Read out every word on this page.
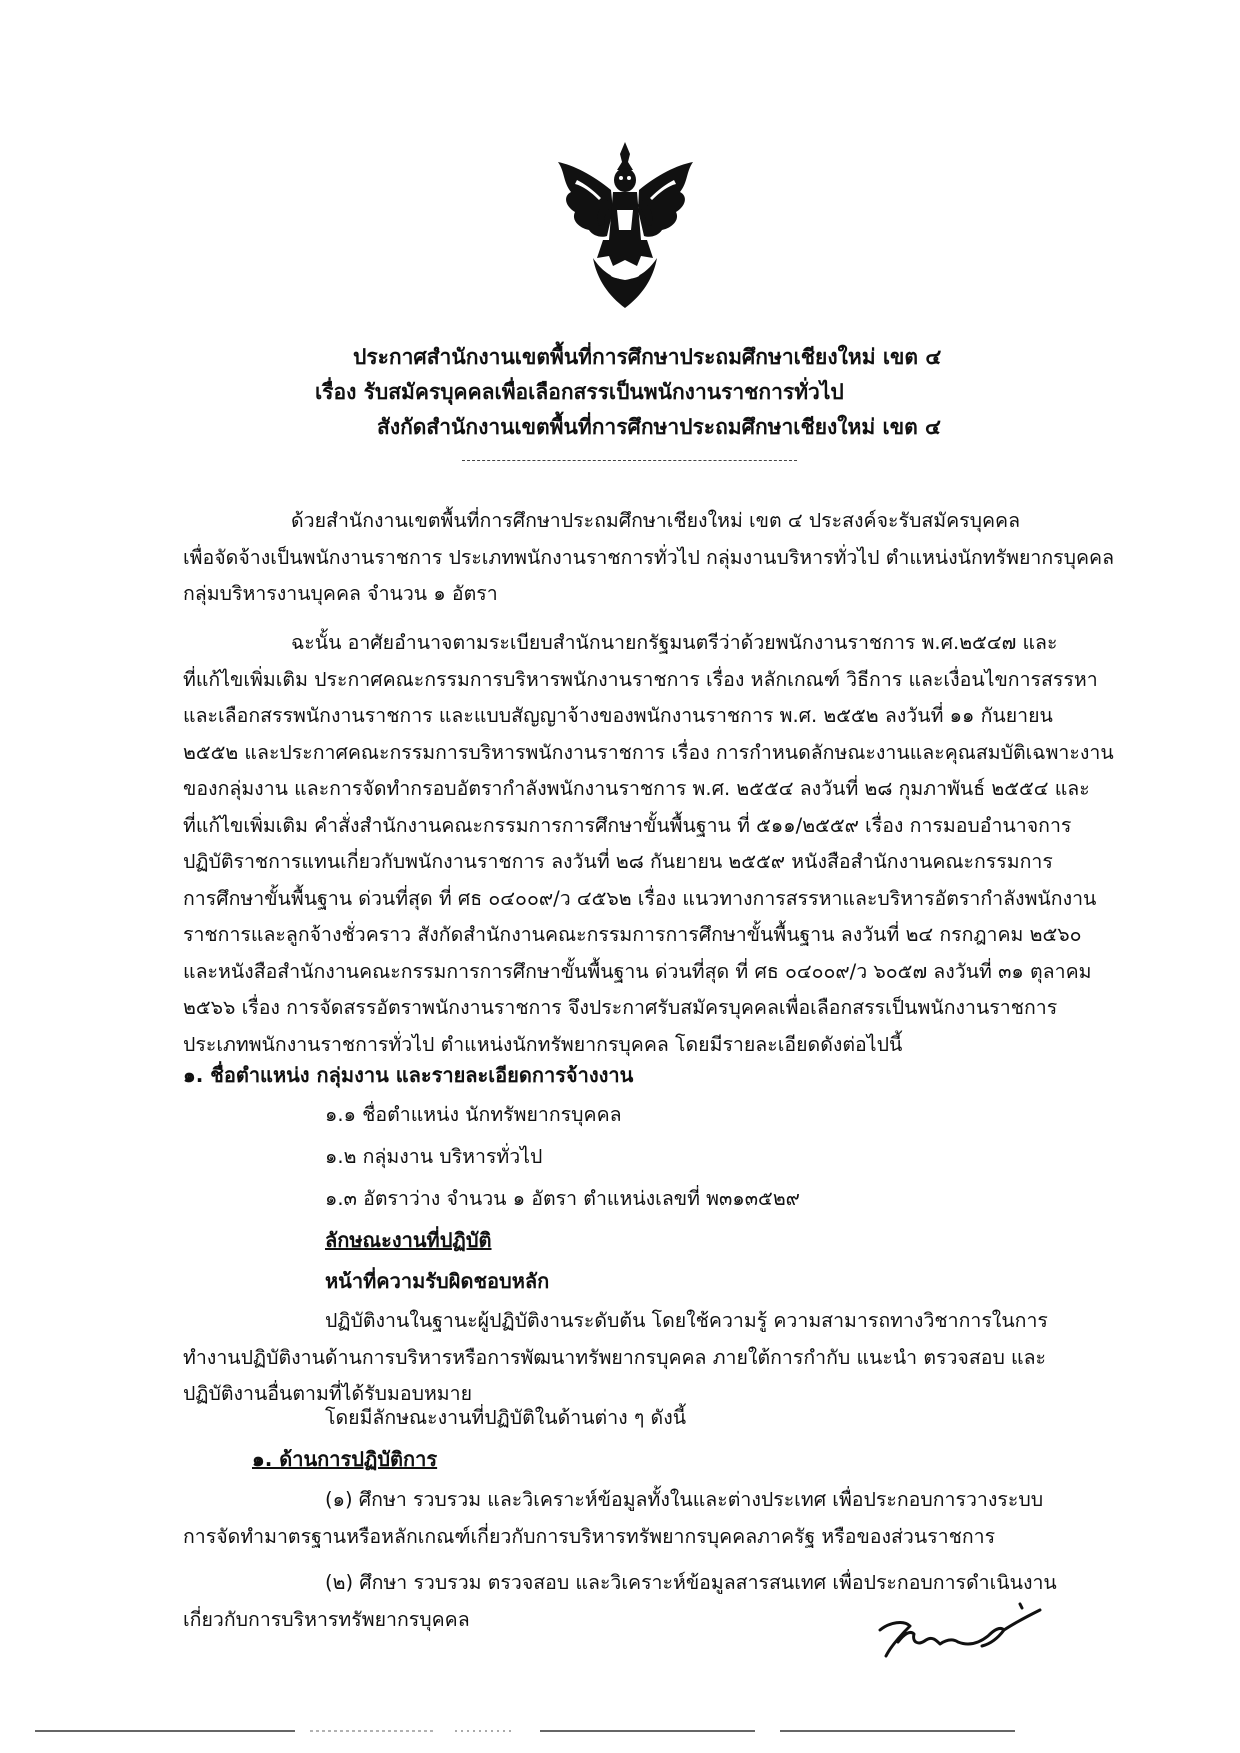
ประกาศสำนักงานเขตพื้นที่การศึกษาประถมศึกษาเชียงใหม่ เขต ๔
เรื่อง รับสมัครบุคคลเพื่อเลือกสรรเป็นพนักงานราชการทั่วไป
สังกัดสำนักงานเขตพื้นที่การศึกษาประถมศึกษาเชียงใหม่ เขต ๔
ด้วยสำนักงานเขตพื้นที่การศึกษาประถมศึกษาเชียงใหม่ เขต ๔ ประสงค์จะรับสมัครบุคคล
เพื่อจัดจ้างเป็นพนักงานราชการ ประเภทพนักงานราชการทั่วไป กลุ่มงานบริหารทั่วไป ตำแหน่งนักทรัพยากรบุคคล
กลุ่มบริหารงานบุคคล จำนวน ๑ อัตรา
ฉะนั้น อาศัยอำนาจตามระเบียบสำนักนายกรัฐมนตรีว่าด้วยพนักงานราชการ พ.ศ.๒๕๔๗ และ
ที่แก้ไขเพิ่มเติม ประกาศคณะกรรมการบริหารพนักงานราชการ เรื่อง หลักเกณฑ์ วิธีการ และเงื่อนไขการสรรหา
และเลือกสรรพนักงานราชการ และแบบสัญญาจ้างของพนักงานราชการ พ.ศ. ๒๕๕๒ ลงวันที่ ๑๑ กันยายน
๒๕๕๒ และประกาศคณะกรรมการบริหารพนักงานราชการ เรื่อง การกำหนดลักษณะงานและคุณสมบัติเฉพาะงาน
ของกลุ่มงาน และการจัดทำกรอบอัตรากำลังพนักงานราชการ พ.ศ. ๒๕๕๔ ลงวันที่ ๒๘ กุมภาพันธ์ ๒๕๕๔ และ
ที่แก้ไขเพิ่มเติม คำสั่งสำนักงานคณะกรรมการการศึกษาขั้นพื้นฐาน ที่ ๕๑๑/๒๕๕๙ เรื่อง การมอบอำนาจการ
ปฏิบัติราชการแทนเกี่ยวกับพนักงานราชการ ลงวันที่ ๒๘ กันยายน ๒๕๕๙ หนังสือสำนักงานคณะกรรมการ
การศึกษาขั้นพื้นฐาน ด่วนที่สุด ที่ ศธ ๐๔๐๐๙/ว ๔๕๖๒ เรื่อง แนวทางการสรรหาและบริหารอัตรากำลังพนักงาน
ราชการและลูกจ้างชั่วคราว สังกัดสำนักงานคณะกรรมการการศึกษาขั้นพื้นฐาน ลงวันที่ ๒๔ กรกฎาคม ๒๕๖๐
และหนังสือสำนักงานคณะกรรมการการศึกษาขั้นพื้นฐาน ด่วนที่สุด ที่ ศธ ๐๔๐๐๙/ว ๖๐๕๗ ลงวันที่ ๓๑ ตุลาคม
๒๕๖๖ เรื่อง การจัดสรรอัตราพนักงานราชการ จึงประกาศรับสมัครบุคคลเพื่อเลือกสรรเป็นพนักงานราชการ
ประเภทพนักงานราชการทั่วไป ตำแหน่งนักทรัพยากรบุคคล โดยมีรายละเอียดดังต่อไปนี้
๑. ชื่อตำแหน่ง กลุ่มงาน และรายละเอียดการจ้างงาน
๑.๑ ชื่อตำแหน่ง นักทรัพยากรบุคคล
๑.๒ กลุ่มงาน บริหารทั่วไป
๑.๓ อัตราว่าง จำนวน ๑ อัตรา ตำแหน่งเลขที่ พ๓๑๓๕๒๙
ลักษณะงานที่ปฏิบัติ
หน้าที่ความรับผิดชอบหลัก
ปฏิบัติงานในฐานะผู้ปฏิบัติงานระดับต้น โดยใช้ความรู้ ความสามารถทางวิชาการในการ
ทำงานปฏิบัติงานด้านการบริหารหรือการพัฒนาทรัพยากรบุคคล ภายใต้การกำกับ แนะนำ ตรวจสอบ และ
ปฏิบัติงานอื่นตามที่ได้รับมอบหมาย
โดยมีลักษณะงานที่ปฏิบัติในด้านต่าง ๆ ดังนี้
๑. ด้านการปฏิบัติการ
(๑) ศึกษา รวบรวม และวิเคราะห์ข้อมูลทั้งในและต่างประเทศ เพื่อประกอบการวางระบบ
การจัดทำมาตรฐานหรือหลักเกณฑ์เกี่ยวกับการบริหารทรัพยากรบุคคลภาครัฐ หรือของส่วนราชการ
(๒) ศึกษา รวบรวม ตรวจสอบ และวิเคราะห์ข้อมูลสารสนเทศ เพื่อประกอบการดำเนินงาน
เกี่ยวกับการบริหารทรัพยากรบุคคล
